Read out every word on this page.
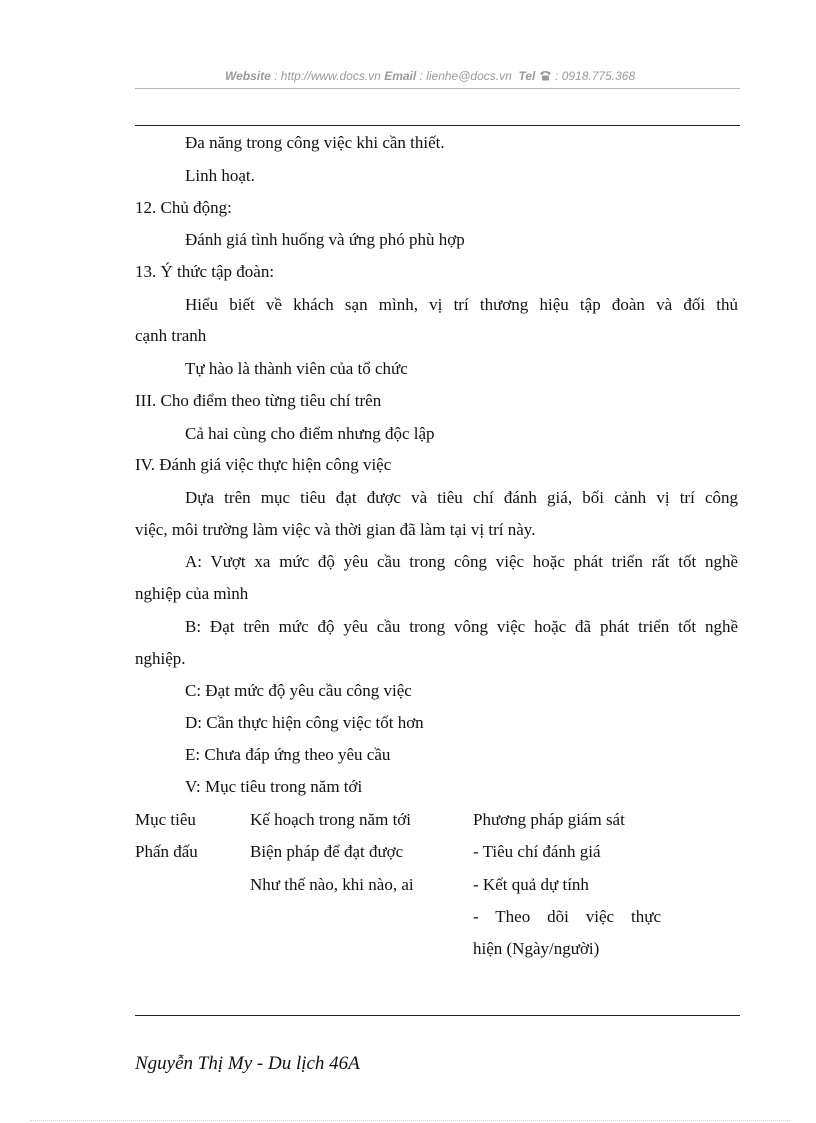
Website : http://www.docs.vn Email : lienhe@docs.vn  Tel  : 0918.775.368
Đa năng trong công việc khi cần thiết.
Linh hoạt.
12. Chủ động:
Đánh giá tình huống và ứng phó phù hợp
13. Ý thức tập đoàn:
Hiểu biết về khách sạn mình, vị trí thương hiệu tập đoàn và đối thủ
cạnh tranh
Tự hào là thành viên của tổ chức
III. Cho điểm theo từng tiêu chí trên
Cả hai cùng cho điểm nhưng độc lập
IV. Đánh giá việc thực hiện công việc
Dựa trên mục tiêu đạt được và tiêu chí đánh giá, bối cảnh vị trí công
việc, môi trường làm việc và thời gian đã làm tại vị trí này.
A: Vượt xa mức độ yêu cầu trong công việc hoặc phát triển rất tốt nghề
nghiệp của mình
B: Đạt trên mức độ yêu cầu trong vông việc hoặc đã phát triển tốt nghề
nghiệp.
C: Đạt mức độ yêu cầu công việc
D: Cần thực hiện công việc tốt hơn
E: Chưa đáp ứng theo yêu cầu
V: Mục tiêu trong năm tới
Mục tiêu
Phấn đấu
Kế hoạch trong năm tới
Biện pháp để đạt được
Như thế nào, khi nào, ai
Phương pháp giám sát
- Tiêu chí đánh giá
- Kết quả dự tính
- Theo dõi việc thực
hiện (Ngày/người)
Nguyễn Thị My - Du lịch 46A
